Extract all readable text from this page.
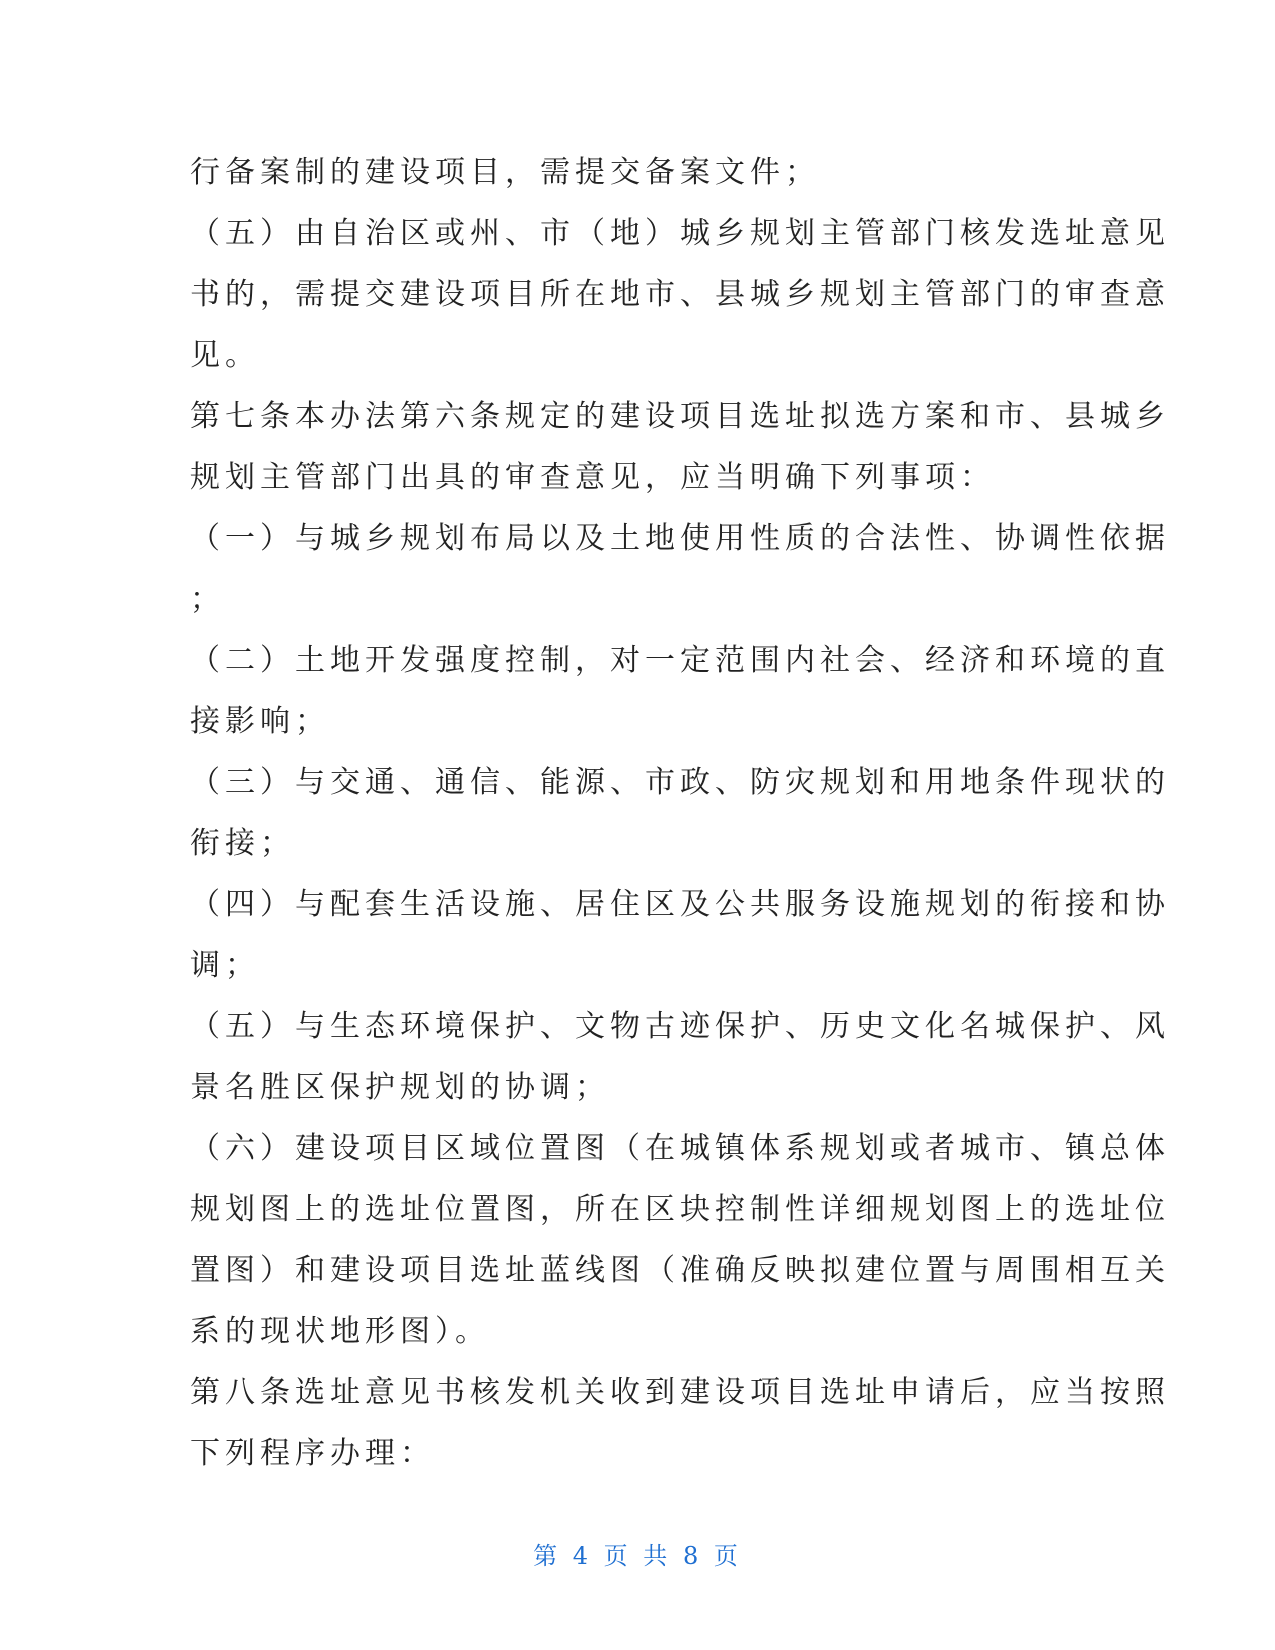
行备案制的建设项目，需提交备案文件；
（五）由自治区或州、市（地）城乡规划主管部门核发选址意见
书的，需提交建设项目所在地市、县城乡规划主管部门的审查意
见。
第七条本办法第六条规定的建设项目选址拟选方案和市、县城乡
规划主管部门出具的审查意见，应当明确下列事项：
（一）与城乡规划布局以及土地使用性质的合法性、协调性依据
；
（二）土地开发强度控制，对一定范围内社会、经济和环境的直
接影响；
（三）与交通、通信、能源、市政、防灾规划和用地条件现状的
衔接；
（四）与配套生活设施、居住区及公共服务设施规划的衔接和协
调；
（五）与生态环境保护、文物古迹保护、历史文化名城保护、风
景名胜区保护规划的协调；
（六）建设项目区域位置图（在城镇体系规划或者城市、镇总体
规划图上的选址位置图，所在区块控制性详细规划图上的选址位
置图）和建设项目选址蓝线图（准确反映拟建位置与周围相互关
系的现状地形图）。
第八条选址意见书核发机关收到建设项目选址申请后，应当按照
下列程序办理：
第 4 页 共 8 页
